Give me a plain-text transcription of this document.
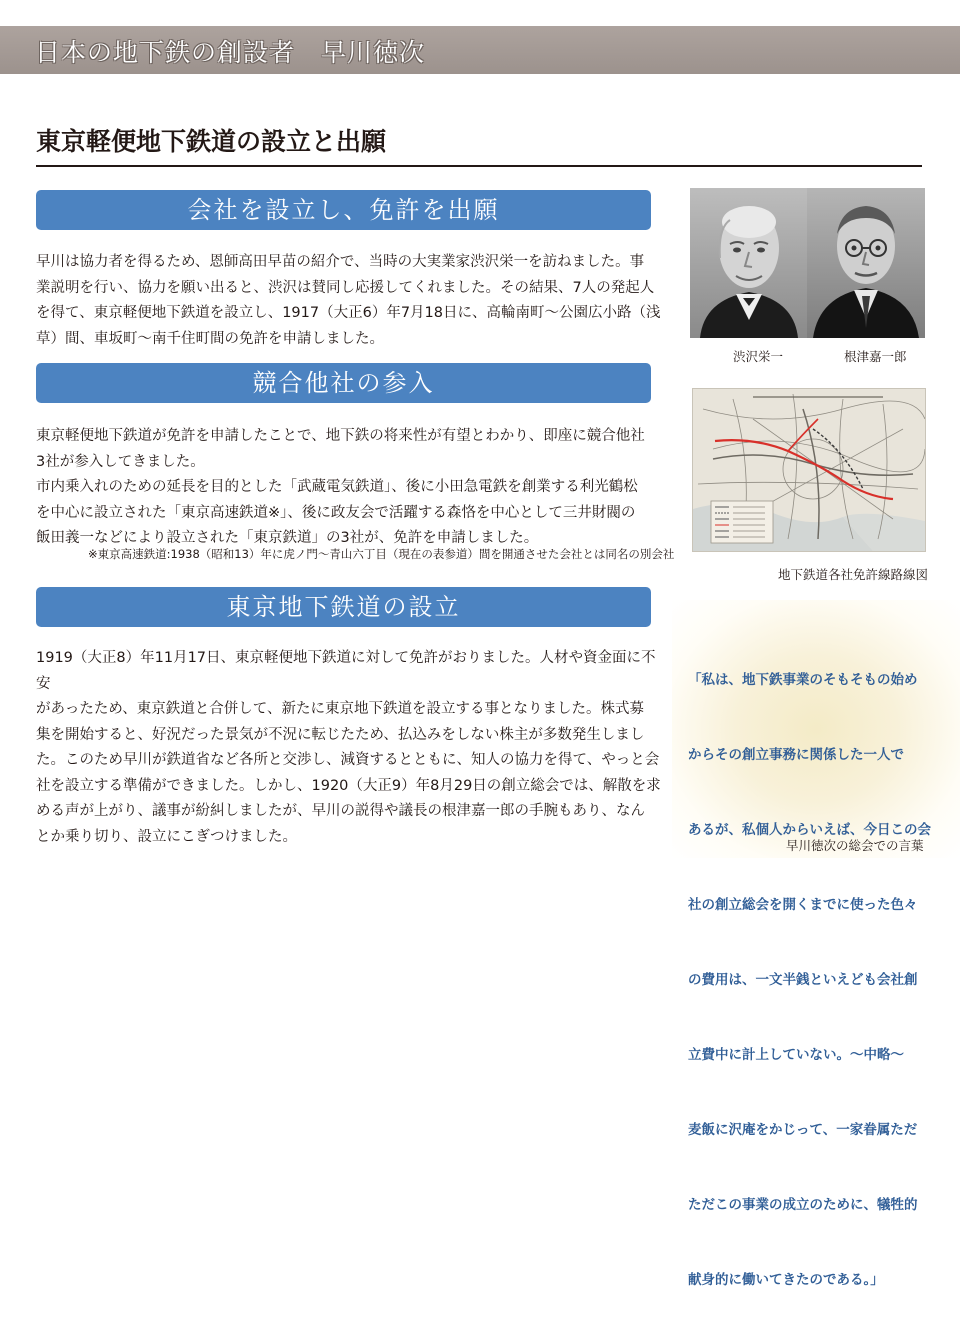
日本の地下鉄の創設者　早川徳次
東京軽便地下鉄道の設立と出願
会社を設立し、免許を出願

早川は協力者を得るため、恩師高田早苗の紹介で、当時の大実業家渋沢栄一を訪ねました。事

業説明を行い、協力を願い出ると、渋沢は賛同し応援してくれました。その結果、7人の発起人

を得て、東京軽便地下鉄道を設立し、1917（大正6）年7月18日に、高輪南町～公園広小路（浅

草）間、車坂町～南千住町間の免許を申請しました。

競合他社の参入

東京軽便地下鉄道が免許を申請したことで、地下鉄の将来性が有望とわかり、即座に競合他社

3社が参入してきました。

市内乗入れのための延長を目的とした「武蔵電気鉄道」、後に小田急電鉄を創業する利光鶴松

を中心に設立された「東京高速鉄道※」、後に政友会で活躍する森恪を中心として三井財閥の

飯田義一などにより設立された「東京鉄道」の3社が、免許を申請しました。

※東京高速鉄道:1938（昭和13）年に虎ノ門～青山六丁目（現在の表参道）間を開通させた会社とは同名の別会社
東京地下鉄道の設立

1919（大正8）年11月17日、東京軽便地下鉄道に対して免許がおりました。人材や資金面に不安

があったため、東京鉄道と合併して、新たに東京地下鉄道を設立する事となりました。株式募

集を開始すると、好況だった景気が不況に転じたため、払込みをしない株主が多数発生しまし

た。このため早川が鉄道省など各所と交渉し、減資するとともに、知人の協力を得て、やっと会

社を設立する準備ができました。しかし、1920（大正9）年8月29日の創立総会では、解散を求

める声が上がり、議事が紛糾しましたが、早川の説得や議長の根津嘉一郎の手腕もあり、なん

とか乗り切り、設立にこぎつけました。

渋沢栄一	根津嘉一郎
地下鉄道各社免許線路線図

「私は、地下鉄事業のそもそもの始め

からその創立事務に関係した一人で

あるが、私個人からいえば、今日この会

社の創立総会を開くまでに使った色々

の費用は、一文半銭といえども会社創

立費中に計上していない。～中略～

麦飯に沢庵をかじって、一家眷属ただ

ただこの事業の成立のために、犠牲的

献身的に働いてきたのである。」

早川徳次の総会での言葉
